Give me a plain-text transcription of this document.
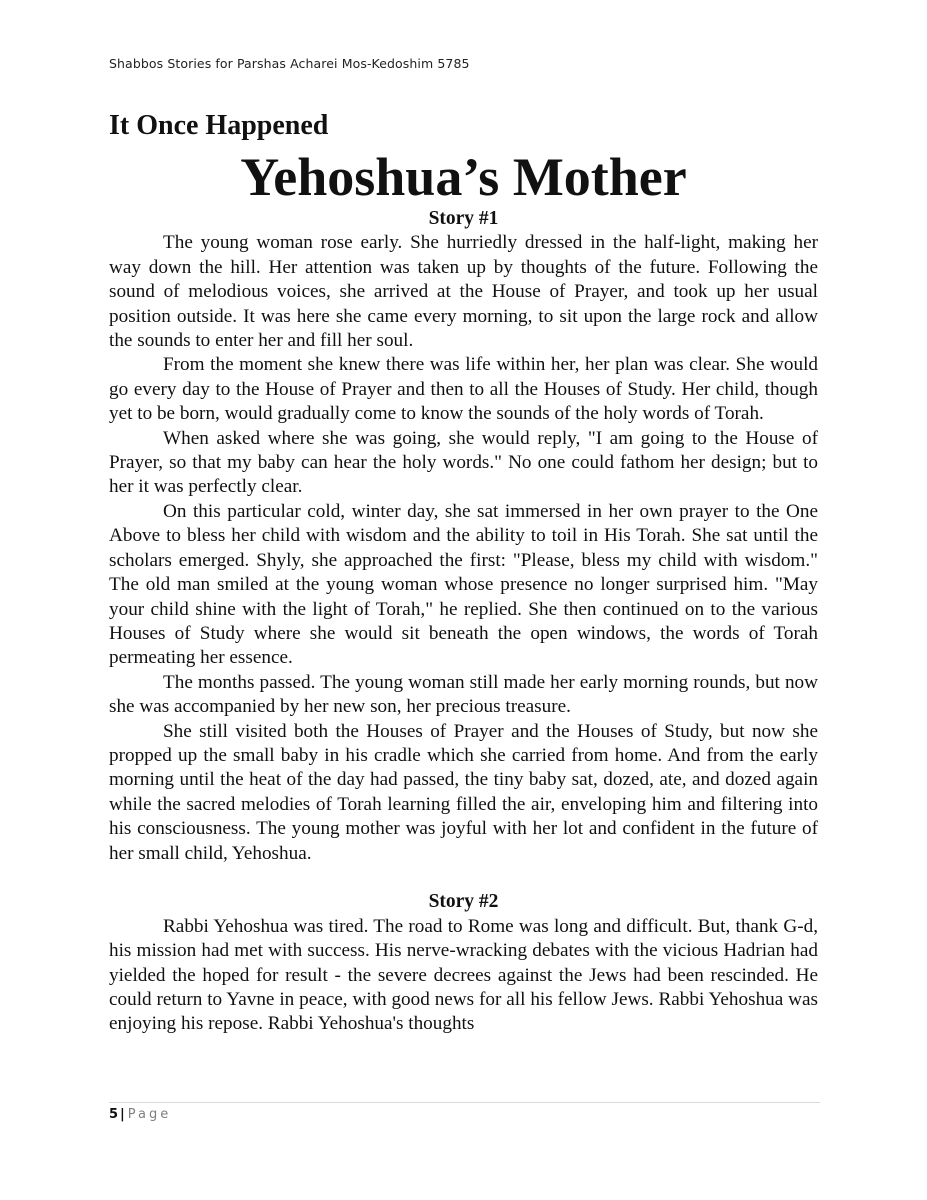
Shabbos Stories for Parshas Acharei Mos-Kedoshim 5785
It Once Happened
Yehoshua’s Mother

Story #1

The young woman rose early. She hurriedly dressed in the half-light, making her way down the hill. Her attention was taken up by thoughts of the future. Following the sound of melodious voices, she arrived at the House of Prayer, and took up her usual position outside. It was here she came every morning, to sit upon the large rock and allow the sounds to enter her and fill her soul.

From the moment she knew there was life within her, her plan was clear. She would go every day to the House of Prayer and then to all the Houses of Study. Her child, though yet to be born, would gradually come to know the sounds of the holy words of Torah.

When asked where she was going, she would reply, "I am going to the House of Prayer, so that my baby can hear the holy words." No one could fathom her design; but to her it was perfectly clear.

On this particular cold, winter day, she sat immersed in her own prayer to the One Above to bless her child with wisdom and the ability to toil in His Torah. She sat until the scholars emerged. Shyly, she approached the first: "Please, bless my child with wisdom." The old man smiled at the young woman whose presence no longer surprised him. "May your child shine with the light of Torah," he replied. She then continued on to the various Houses of Study where she would sit beneath the open windows, the words of Torah permeating her essence.

The months passed. The young woman still made her early morning rounds, but now she was accompanied by her new son, her precious treasure.

She still visited both the Houses of Prayer and the Houses of Study, but now she propped up the small baby in his cradle which she carried from home. And from the early morning until the heat of the day had passed, the tiny baby sat, dozed, ate, and dozed again while the sacred melodies of Torah learning filled the air, enveloping him and filtering into his consciousness. The young mother was joyful with her lot and confident in the future of her small child, Yehoshua.

Story #2

Rabbi Yehoshua was tired. The road to Rome was long and difficult. But, thank G-d, his mission had met with success. His nerve-wracking debates with the vicious Hadrian had yielded the hoped for result - the severe decrees against the Jews had been rescinded. He could return to Yavne in peace, with good news for all his fellow Jews. Rabbi Yehoshua was enjoying his repose. Rabbi Yehoshua's thoughts

5 | Page
